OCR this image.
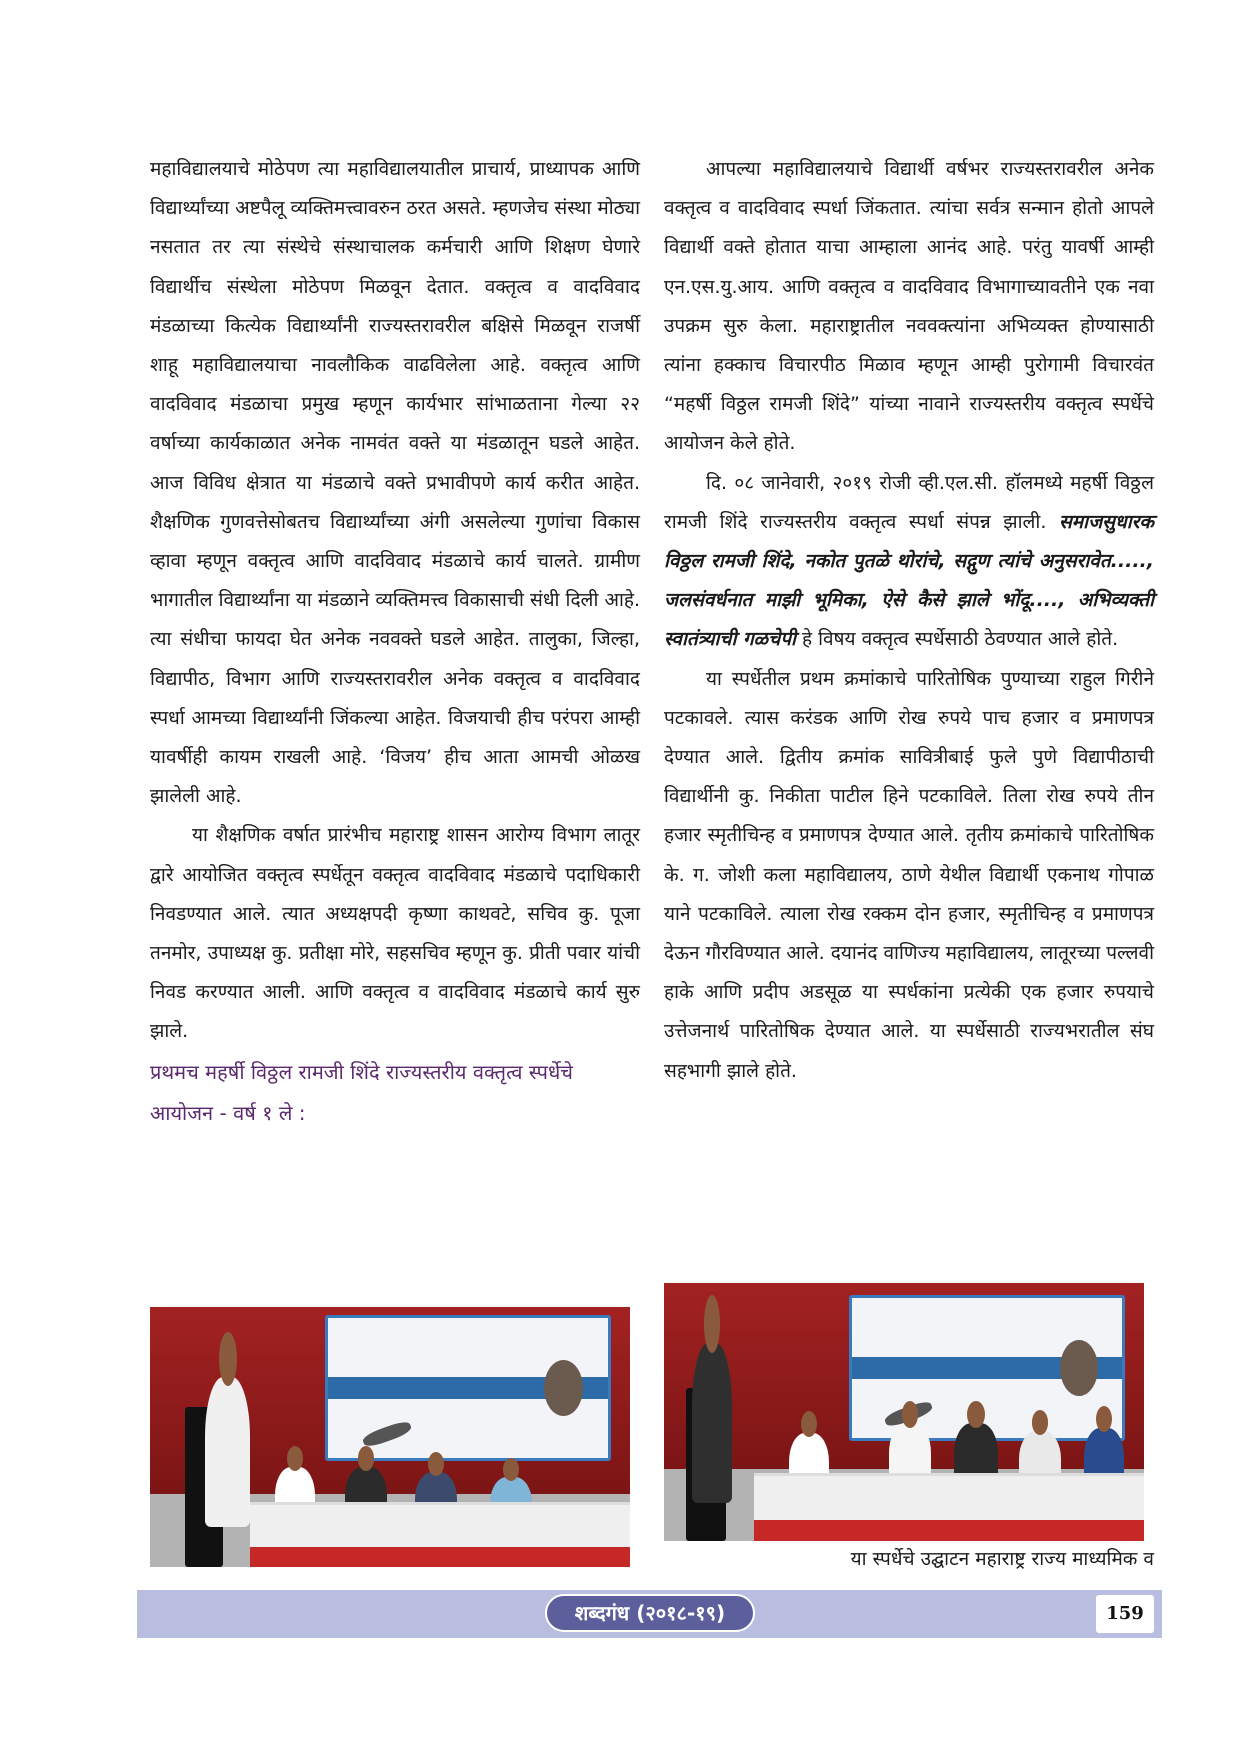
महाविद्यालयाचे मोठेपण त्या महाविद्यालयातील प्राचार्य, प्राध्यापक आणि विद्यार्थ्यांच्या अष्टपैलू व्यक्तिमत्त्वावरुन ठरत असते. म्हणजेच संस्था मोठ्या नसतात तर त्या संस्थेचे संस्थाचालक कर्मचारी आणि शिक्षण घेणारे विद्यार्थीच संस्थेला मोठेपण मिळवून देतात. वक्तृत्व व वादविवाद मंडळाच्या कित्येक विद्यार्थ्यांनी राज्यस्तरावरील बक्षिसे मिळवून राजर्षी शाहू महाविद्यालयाचा नावलौकिक वाढविलेला आहे. वक्तृत्व आणि वादविवाद मंडळाचा प्रमुख म्हणून कार्यभार सांभाळताना गेल्या २२ वर्षाच्या कार्यकाळात अनेक नामवंत वक्ते या मंडळातून घडले आहेत. आज विविध क्षेत्रात या मंडळाचे वक्ते प्रभावीपणे कार्य करीत आहेत. शैक्षणिक गुणवत्तेसोबतच विद्यार्थ्यांच्या अंगी असलेल्या गुणांचा विकास व्हावा म्हणून वक्तृत्व आणि वादविवाद मंडळाचे कार्य चालते. ग्रामीण भागातील विद्यार्थ्यांना या मंडळाने व्यक्तिमत्त्व विकासाची संधी दिली आहे. त्या संधीचा फायदा घेत अनेक नववक्ते घडले आहेत. तालुका, जिल्हा, विद्यापीठ, विभाग आणि राज्यस्तरावरील अनेक वक्तृत्व व वादविवाद स्पर्धा आमच्या विद्यार्थ्यांनी जिंकल्या आहेत. विजयाची हीच परंपरा आम्ही यावर्षीही कायम राखली आहे. ‘विजय’ हीच आता आमची ओळख झालेली आहे.

या शैक्षणिक वर्षात प्रारंभीच महाराष्ट्र शासन आरोग्य विभाग लातूर द्वारे आयोजित वक्तृत्व स्पर्धेतून वक्तृत्व वादविवाद मंडळाचे पदाधिकारी निवडण्यात आले. त्यात अध्यक्षपदी कृष्णा काथवटे, सचिव कु. पूजा तनमोर, उपाध्यक्ष कु. प्रतीक्षा मोरे, सहसचिव म्हणून कु. प्रीती पवार यांची निवड करण्यात आली. आणि वक्तृत्व व वादविवाद मंडळाचे कार्य सुरु झाले.

प्रथमच महर्षी विठ्ठल रामजी शिंदे राज्यस्तरीय वक्तृत्व स्पर्धेचे आयोजन - वर्ष १ ले :

आपल्या महाविद्यालयाचे विद्यार्थी वर्षभर राज्यस्तरावरील अनेक वक्तृत्व व वादविवाद स्पर्धा जिंकतात. त्यांचा सर्वत्र सन्मान होतो आपले विद्यार्थी वक्ते होतात याचा आम्हाला आनंद आहे. परंतु यावर्षी आम्ही एन.एस.यु.आय. आणि वक्तृत्व व वादविवाद विभागाच्यावतीने एक नवा उपक्रम सुरु केला. महाराष्ट्रातील नववक्त्यांना अभिव्यक्त होण्यासाठी त्यांना हक्काच विचारपीठ मिळाव म्हणून आम्ही पुरोगामी विचारवंत “महर्षी विठ्ठल रामजी शिंदे” यांच्या नावाने राज्यस्तरीय वक्तृत्व स्पर्धेचे आयोजन केले होते.

दि. ०८ जानेवारी, २०१९ रोजी व्ही.एल.सी. हॉलमध्ये महर्षी विठ्ठल रामजी शिंदे राज्यस्तरीय वक्तृत्व स्पर्धा संपन्न झाली. समाजसुधारक विठ्ठल रामजी शिंदे, नकोत पुतळे थोरांचे, सद्गुण त्यांचे अनुसरावेत....., जलसंवर्धनात माझी भूमिका, ऐसे कैसे झाले भोंदू...., अभिव्यक्ती स्वातंत्र्याची गळचेपी हे विषय वक्तृत्व स्पर्धेसाठी ठेवण्यात आले होते.

या स्पर्धेतील प्रथम क्रमांकाचे पारितोषिक पुण्याच्या राहुल गिरीने पटकावले. त्यास करंडक आणि रोख रुपये पाच हजार व प्रमाणपत्र देण्यात आले. द्वितीय क्रमांक सावित्रीबाई फुले पुणे विद्यापीठाची विद्यार्थीनी कु. निकीता पाटील हिने पटकाविले. तिला रोख रुपये तीन हजार स्मृतीचिन्ह व प्रमाणपत्र देण्यात आले. तृतीय क्रमांकाचे पारितोषिक के. ग. जोशी कला महाविद्यालय, ठाणे येथील विद्यार्थी एकनाथ गोपाळ याने पटकाविले. त्याला रोख रक्कम दोन हजार, स्मृतीचिन्ह व प्रमाणपत्र देऊन गौरविण्यात आले. दयानंद वाणिज्य महाविद्यालय, लातूरच्या पल्लवी हाके आणि प्रदीप अडसूळ या स्पर्धकांना प्रत्येकी एक हजार रुपयाचे उत्तेजनार्थ पारितोषिक देण्यात आले. या स्पर्धेसाठी राज्यभरातील संघ सहभागी झाले होते.

या स्पर्धेचे उद्घाटन महाराष्ट्र राज्य माध्यमिक व
शब्दगंध (२०१८-१९)	159
